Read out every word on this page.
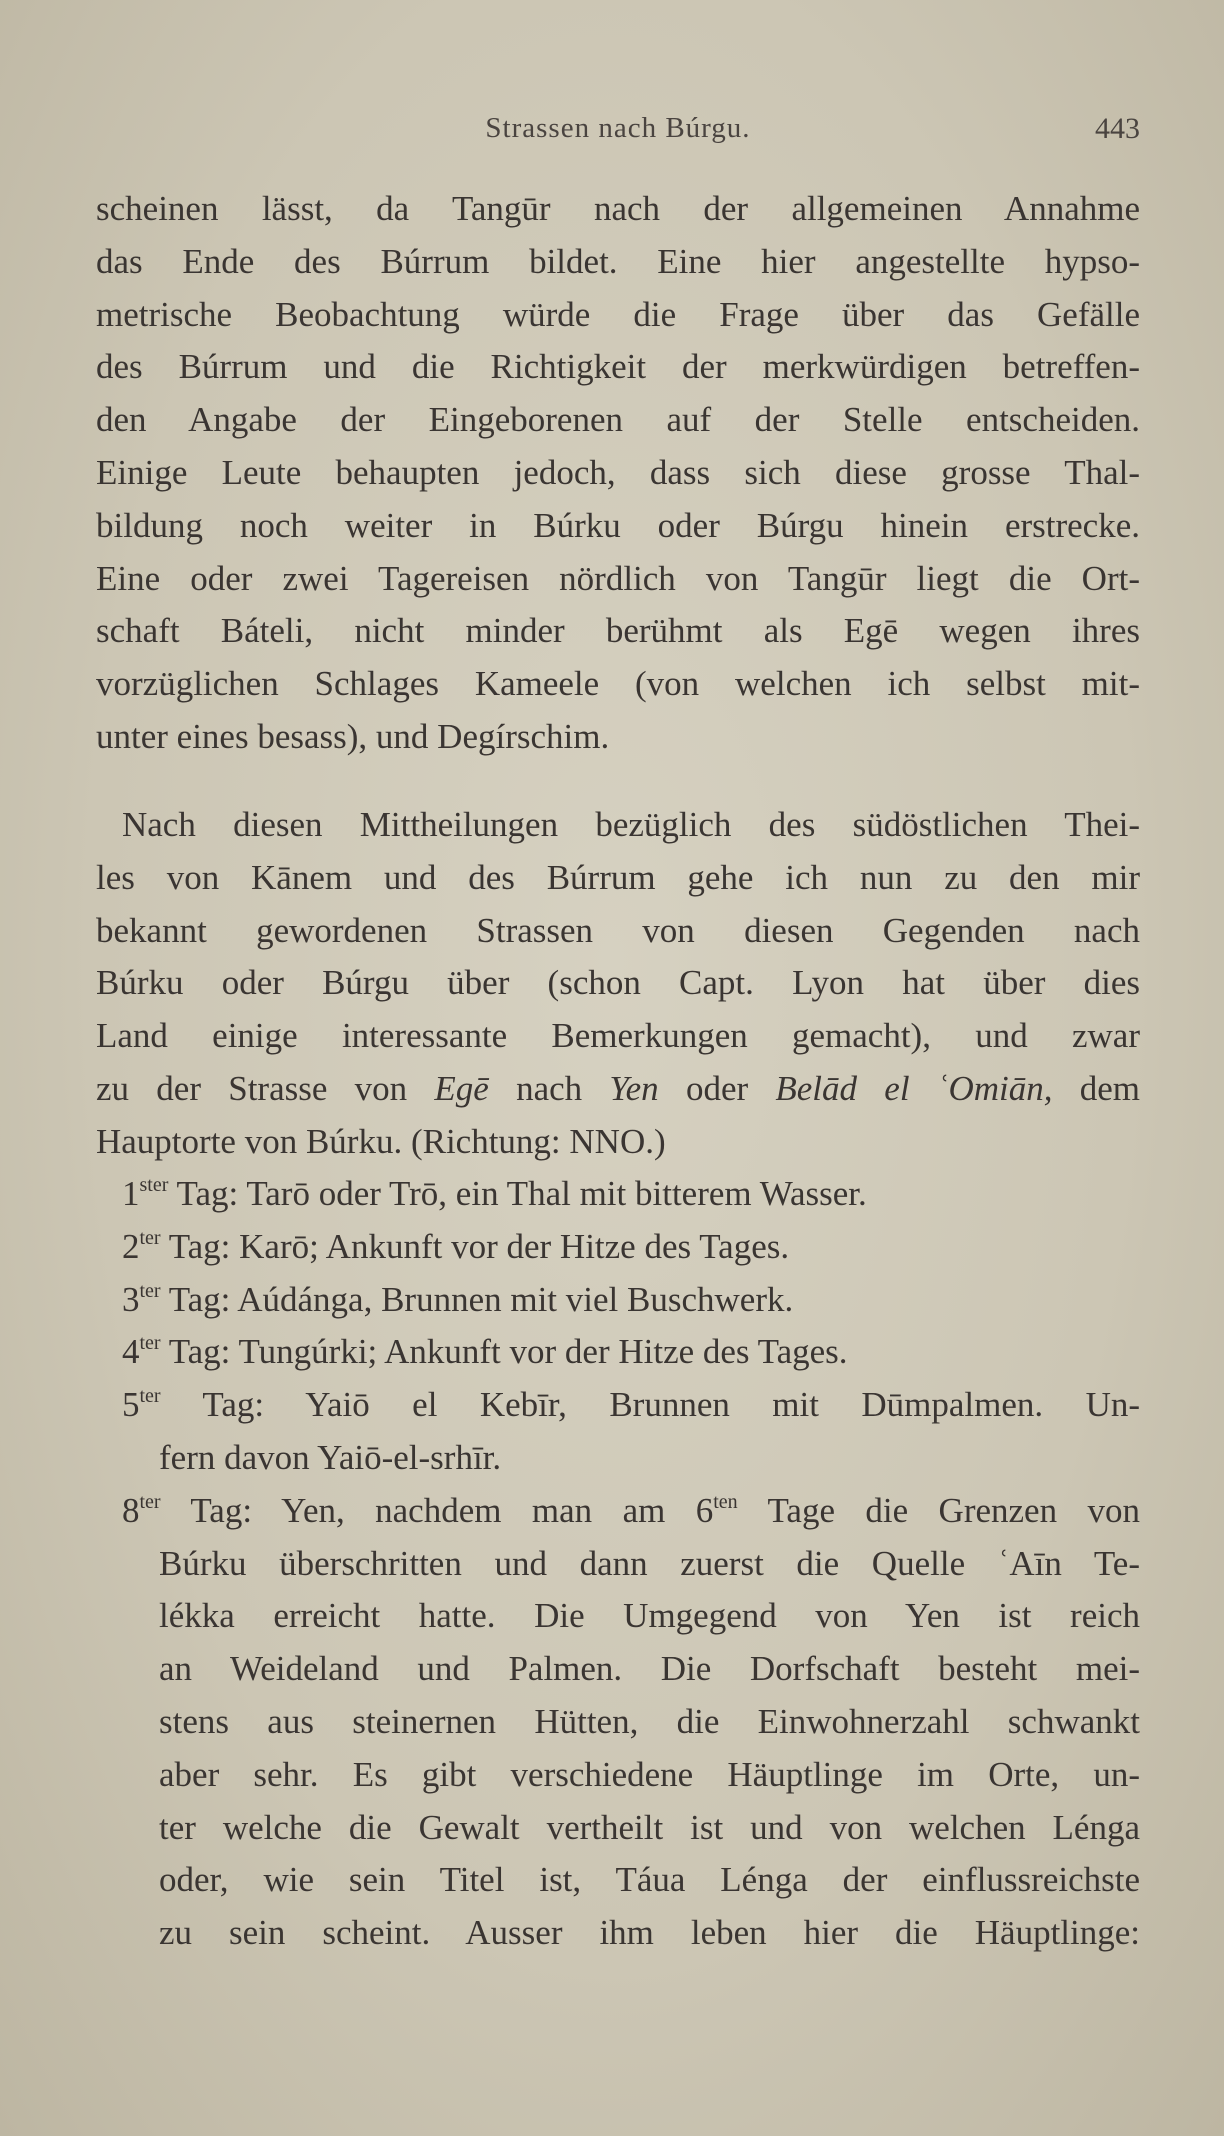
Strassen nach Búrgu.	443
scheinen lässt, da Tangūr nach der allgemeinen Annahme
das Ende des Búrrum bildet. Eine hier angestellte hypso-
metrische Beobachtung würde die Frage über das Gefälle
des Búrrum und die Richtigkeit der merkwürdigen betreffen-
den Angabe der Eingeborenen auf der Stelle entscheiden.
Einige Leute behaupten jedoch, dass sich diese grosse Thal-
bildung noch weiter in Búrku oder Búrgu hinein erstrecke.
Eine oder zwei Tagereisen nördlich von Tangūr liegt die Ort-
schaft Báteli, nicht minder berühmt als Egē wegen ihres
vorzüglichen Schlages Kameele (von welchen ich selbst mit-
unter eines besass), und Degírschim.
Nach diesen Mittheilungen bezüglich des südöstlichen Thei-
les von Kānem und des Búrrum gehe ich nun zu den mir
bekannt gewordenen Strassen von diesen Gegenden nach
Búrku oder Búrgu über (schon Capt. Lyon hat über dies
Land einige interessante Bemerkungen gemacht), und zwar
zu der Strasse von Egē nach Yen oder Belād el ʿOmiān, dem
Hauptorte von Búrku. (Richtung: NNO.)
$1^{ster}$ Tag: Tarō oder Trō, ein Thal mit bitterem Wasser.
$2^{ter}$ Tag: Karō; Ankunft vor der Hitze des Tages.
$3^{ter}$ Tag: Aúdánga, Brunnen mit viel Buschwerk.
$4^{ter}$ Tag: Tungúrki; Ankunft vor der Hitze des Tages.
$5^{ter}$ Tag: Yaiō el Kebīr, Brunnen mit Dūmpalmen. Un-
fern davon Yaiō-el-srhīr.
$8^{ter}$ Tag: Yen, nachdem man am $6^{ten}$ Tage die Grenzen von
Búrku überschritten und dann zuerst die Quelle ʿAīn Te-
lékka erreicht hatte. Die Umgegend von Yen ist reich
an Weideland und Palmen. Die Dorfschaft besteht mei-
stens aus steinernen Hütten, die Einwohnerzahl schwankt
aber sehr. Es gibt verschiedene Häuptlinge im Orte, un-
ter welche die Gewalt vertheilt ist und von welchen Lénga
oder, wie sein Titel ist, Táua Lénga der einflussreichste
zu sein scheint. Ausser ihm leben hier die Häuptlinge:
